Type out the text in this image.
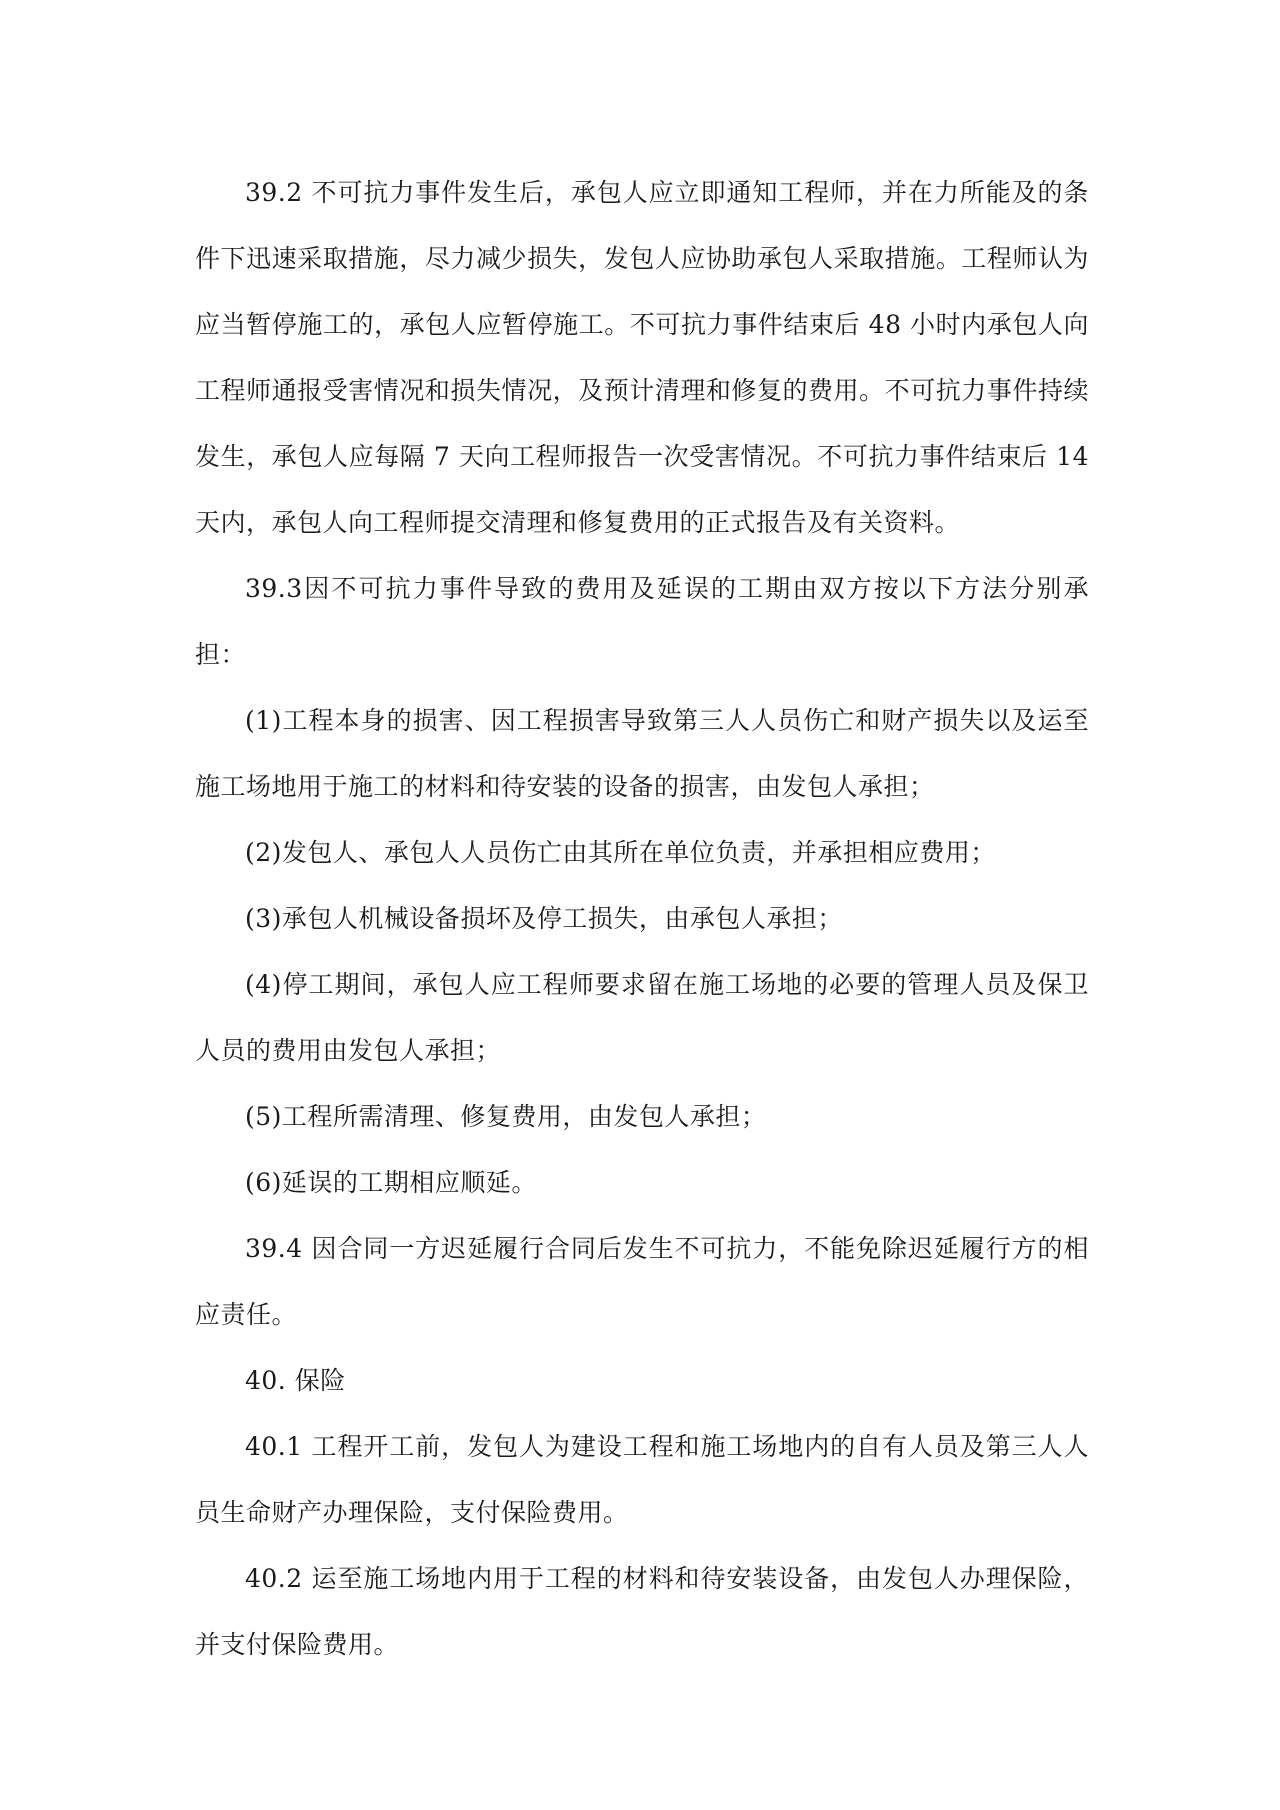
39.2 不可抗力事件发生后，承包人应立即通知工程师，并在力所能及的条件下迅速采取措施，尽力减少损失，发包人应协助承包人采取措施。工程师认为应当暂停施工的，承包人应暂停施工。不可抗力事件结束后 48 小时内承包人向工程师通报受害情况和损失情况，及预计清理和修复的费用。不可抗力事件持续发生，承包人应每隔 7 天向工程师报告一次受害情况。不可抗力事件结束后 14 天内，承包人向工程师提交清理和修复费用的正式报告及有关资料。

39.3因不可抗力事件导致的费用及延误的工期由双方按以下方法分别承担：

(1)工程本身的损害、因工程损害导致第三人人员伤亡和财产损失以及运至施工场地用于施工的材料和待安装的设备的损害，由发包人承担；

(2)发包人、承包人人员伤亡由其所在单位负责，并承担相应费用；

(3)承包人机械设备损坏及停工损失，由承包人承担；

(4)停工期间，承包人应工程师要求留在施工场地的必要的管理人员及保卫人员的费用由发包人承担；

(5)工程所需清理、修复费用，由发包人承担；

(6)延误的工期相应顺延。

39.4 因合同一方迟延履行合同后发生不可抗力，不能免除迟延履行方的相应责任。

40. 保险

40.1 工程开工前，发包人为建设工程和施工场地内的自有人员及第三人人员生命财产办理保险，支付保险费用。

40.2 运至施工场地内用于工程的材料和待安装设备，由发包人办理保险，并支付保险费用。
